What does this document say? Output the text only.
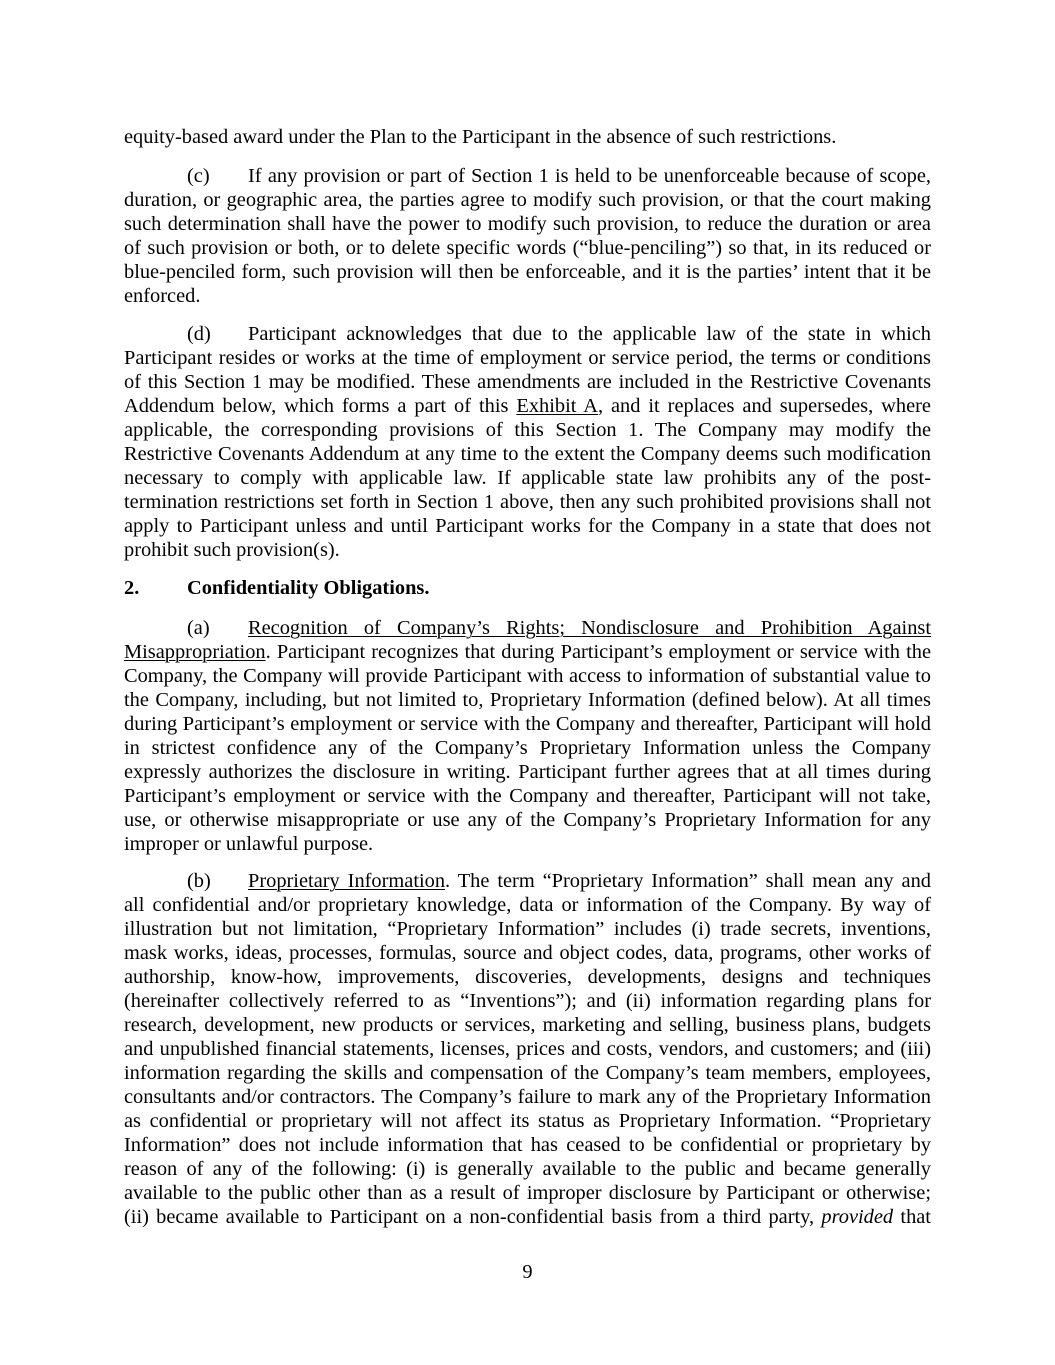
equity-based award under the Plan to the Participant in the absence of such restrictions.
(c) If any provision or part of Section 1 is held to be unenforceable because of scope,
duration, or geographic area, the parties agree to modify such provision, or that the court making
such determination shall have the power to modify such provision, to reduce the duration or area
of such provision or both, or to delete specific words (“blue-penciling”) so that, in its reduced or
blue-penciled form, such provision will then be enforceable, and it is the parties’ intent that it be
enforced.
(d) Participant acknowledges that due to the applicable law of the state in which
Participant resides or works at the time of employment or service period, the terms or conditions
of this Section 1 may be modified. These amendments are included in the Restrictive Covenants
Addendum below, which forms a part of this Exhibit A, and it replaces and supersedes, where
applicable, the corresponding provisions of this Section 1. The Company may modify the
Restrictive Covenants Addendum at any time to the extent the Company deems such modification
necessary to comply with applicable law. If applicable state law prohibits any of the post-
termination restrictions set forth in Section 1 above, then any such prohibited provisions shall not
apply to Participant unless and until Participant works for the Company in a state that does not
prohibit such provision(s).
2. Confidentiality Obligations.
(a) Recognition of Company’s Rights; Nondisclosure and Prohibition Against
Misappropriation. Participant recognizes that during Participant’s employment or service with the
Company, the Company will provide Participant with access to information of substantial value to
the Company, including, but not limited to, Proprietary Information (defined below). At all times
during Participant’s employment or service with the Company and thereafter, Participant will hold
in strictest confidence any of the Company’s Proprietary Information unless the Company
expressly authorizes the disclosure in writing. Participant further agrees that at all times during
Participant’s employment or service with the Company and thereafter, Participant will not take,
use, or otherwise misappropriate or use any of the Company’s Proprietary Information for any
improper or unlawful purpose.
(b) Proprietary Information. The term “Proprietary Information” shall mean any and
all confidential and/or proprietary knowledge, data or information of the Company. By way of
illustration but not limitation, “Proprietary Information” includes (i) trade secrets, inventions,
mask works, ideas, processes, formulas, source and object codes, data, programs, other works of
authorship, know-how, improvements, discoveries, developments, designs and techniques
(hereinafter collectively referred to as “Inventions”); and (ii) information regarding plans for
research, development, new products or services, marketing and selling, business plans, budgets
and unpublished financial statements, licenses, prices and costs, vendors, and customers; and (iii)
information regarding the skills and compensation of the Company’s team members, employees,
consultants and/or contractors. The Company’s failure to mark any of the Proprietary Information
as confidential or proprietary will not affect its status as Proprietary Information. “Proprietary
Information” does not include information that has ceased to be confidential or proprietary by
reason of any of the following: (i) is generally available to the public and became generally
available to the public other than as a result of improper disclosure by Participant or otherwise;
(ii) became available to Participant on a non-confidential basis from a third party, provided that
9
